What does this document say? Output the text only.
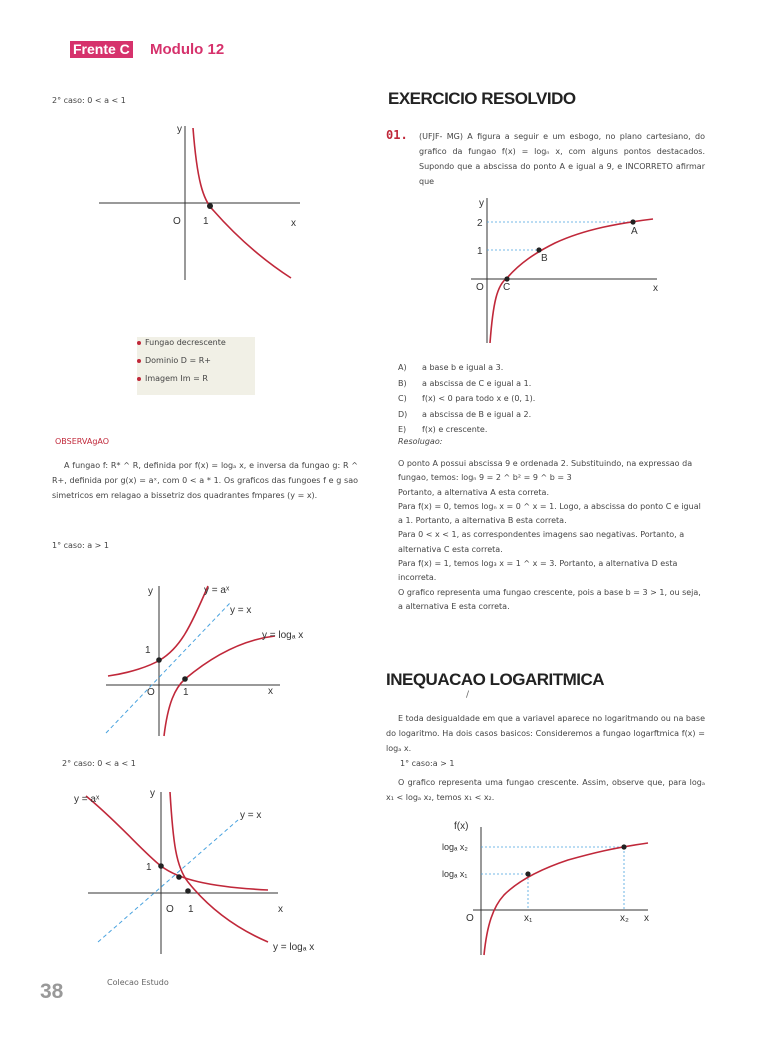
Frente C Modulo 12
2° caso: 0 < a < 1
y
x
O 1
Fungao decrescente
Dominio D = R+
Imagem Im = R
OBSERVAgAO
A fungao f: R* ^ R, definida por f(x) = logₐ x, e inversa da fungao g: R ^ R+, definida por g(x) = aˣ, com 0 < a * 1. Os graficos das fungoes f e g sao simetricos em relagao a bissetriz dos quadrantes fmpares (y = x).
1° caso: a > 1
y
x
O	1
1
y = aˣ
y = x
y = logₐ x
2° caso: 0 < a < 1
y
x
O 1
1
y = aˣ
y = x
y = logₐ x
EXERCICIO RESOLVIDO
01. (UFJF- MG) A figura a seguir e um esbogo, no plano cartesiano, do grafico da fungao f(x) = logₙ x, com alguns pontos destacados. Supondo que a abscissa do ponto A e igual a 9, e INCORRETO afirmar que
y
x
O
2
1
A
B
C
A) a base b e igual a 3.
B) a abscissa de C e igual a 1.
C) f(x) < 0 para todo x e (0, 1).
D) a abscissa de B e igual a 2.
E) f(x) e crescente.
Resolugao:
O ponto A possui abscissa 9 e ordenada 2. Substituindo, na expressao da fungao, temos: logₙ 9 = 2 ^ b² = 9 ^ b = 3
Portanto, a alternativa A esta correta.
Para f(x) = 0, temos logₙ x = 0 ^ x = 1. Logo, a abscissa do ponto C e igual a 1. Portanto, a alternativa B esta correta.
Para 0 < x < 1, as correspondentes imagens sao negativas. Portanto, a alternativa C esta correta.
Para f(x) = 1, temos log₃ x = 1 ^ x = 3. Portanto, a alternativa D esta incorreta.
O grafico representa uma fungao crescente, pois a base b = 3 > 1, ou seja, a alternativa E esta correta.
INEQUACAO LOGARITMICA
/
E toda desigualdade em que a variavel aparece no logaritmando ou na base do logaritmo. Ha dois casos basicos: Consideremos a fungao logarftmica f(x) = logₐ x.
1° caso:a > 1
O grafico representa uma fungao crescente. Assim, observe que, para logₐ x₁ < logₐ x₂, temos x₁ < x₂.
f(x)
logₐ x₂
logₐ x₁
O	x₁	x₂ x
38	Colecao Estudo
